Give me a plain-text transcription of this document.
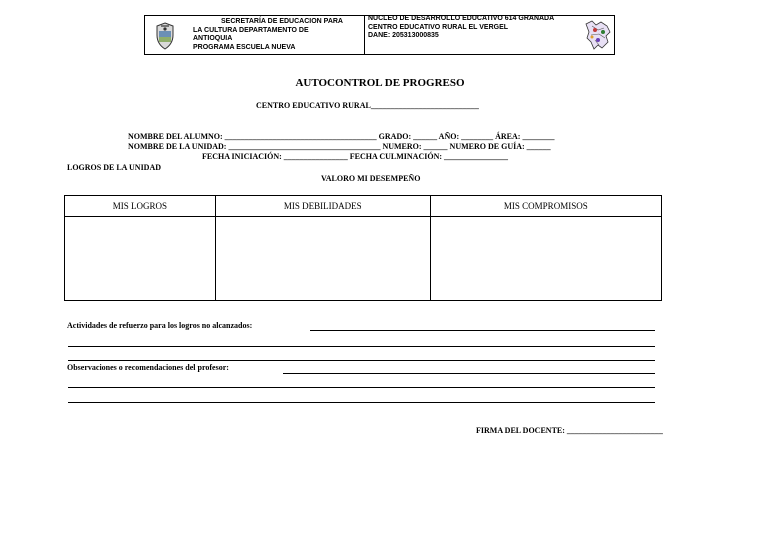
SECRETARÍA DE EDUCACION PARA
LA CULTURA DEPARTAMENTO DE
ANTIOQUIA
PROGRAMA ESCUELA NUEVA
NUCLEO DE DESARROLLO EDUCATIVO 614 GRANADA
CENTRO EDUCATIVO RURAL EL VERGEL
DANE: 205313000835
AUTOCONTROL DE PROGRESO
CENTRO EDUCATIVO RURAL___________________________
NOMBRE DEL ALUMNO: ______________________________________ GRADO: ______ AÑO: ________ ÁREA: ________
NOMBRE DE LA UNIDAD: ______________________________________ NUMERO: ______ NUMERO DE GUÍA: ______
FECHA INICIACIÓN: ________________ FECHA CULMINACIÓN: ________________
LOGROS DE LA UNIDAD
VALORO MI DESEMPEÑO
MIS LOGROS	MIS DEBILIDADES	MIS COMPROMISOS

Actividades de refuerzo para los logros no alcanzados:
Observaciones o recomendaciones del profesor:
FIRMA DEL DOCENTE: ________________________
